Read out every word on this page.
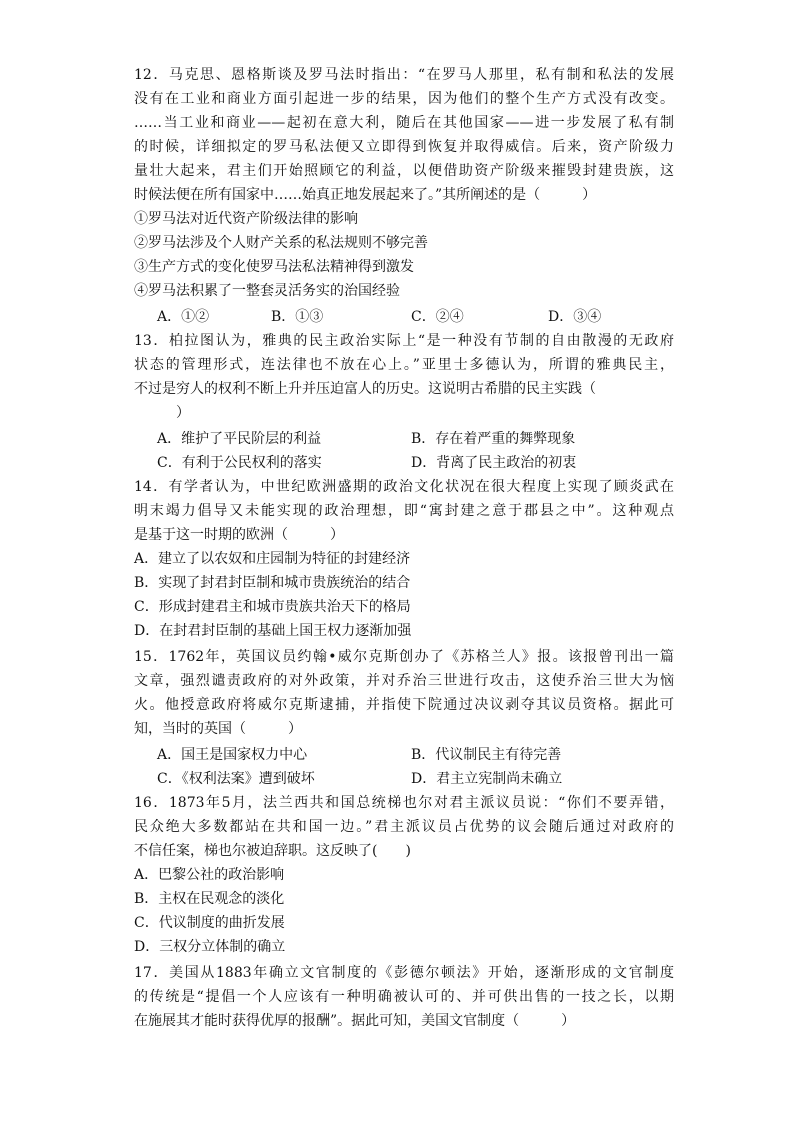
12．马克思、恩格斯谈及罗马法时指出：“在罗马人那里，私有制和私法的发展
没有在工业和商业方面引起进一步的结果，因为他们的整个生产方式没有改变。
……当工业和商业——起初在意大利，随后在其他国家——进一步发展了私有制
的时候，详细拟定的罗马私法便又立即得到恢复并取得威信。后来，资产阶级力
量壮大起来，君主们开始照顾它的利益，以便借助资产阶级来摧毁封建贵族，这
时候法便在所有国家中……始真正地发展起来了。”其所阐述的是（　　　）
①罗马法对近代资产阶级法律的影响
②罗马法涉及个人财产关系的私法规则不够完善
③生产方式的变化使罗马法私法精神得到激发
④罗马法积累了一整套灵活务实的治国经验
A．①②	B．①③	C．②④	D．③④
13．柏拉图认为，雅典的民主政治实际上“是一种没有节制的自由散漫的无政府
状态的管理形式，连法律也不放在心上。”亚里士多德认为，所谓的雅典民主，
不过是穷人的权利不断上升并压迫富人的历史。这说明古希腊的民主实践（
）
A．维护了平民阶层的利益	B．存在着严重的舞弊现象
C．有利于公民权利的落实	D．背离了民主政治的初衷
14．有学者认为，中世纪欧洲盛期的政治文化状况在很大程度上实现了顾炎武在
明末竭力倡导又未能实现的政治理想，即“寓封建之意于郡县之中”。这种观点
是基于这一时期的欧洲（　　　）
A．建立了以农奴和庄园制为特征的封建经济
B．实现了封君封臣制和城市贵族统治的结合
C．形成封建君主和城市贵族共治天下的格局
D．在封君封臣制的基础上国王权力逐渐加强
15．1762年，英国议员约翰•威尔克斯创办了《苏格兰人》报。该报曾刊出一篇
文章，强烈谴责政府的对外政策，并对乔治三世进行攻击，这使乔治三世大为恼
火。他授意政府将威尔克斯逮捕，并指使下院通过决议剥夺其议员资格。据此可
知，当时的英国（　　　）
A．国王是国家权力中心	B．代议制民主有待完善
C．《权利法案》遭到破坏	D．君主立宪制尚未确立
16．1873年5月，法兰西共和国总统梯也尔对君主派议员说：“你们不要弄错，
民众绝大多数都站在共和国一边。”君主派议员占优势的议会随后通过对政府的
不信任案，梯也尔被迫辞职。这反映了(　　)
A．巴黎公社的政治影响
B．主权在民观念的淡化
C．代议制度的曲折发展
D．三权分立体制的确立
17．美国从1883年确立文官制度的《彭德尔顿法》开始，逐渐形成的文官制度
的传统是“提倡一个人应该有一种明确被认可的、并可供出售的一技之长，以期
在施展其才能时获得优厚的报酬”。据此可知，美国文官制度（　　　）
